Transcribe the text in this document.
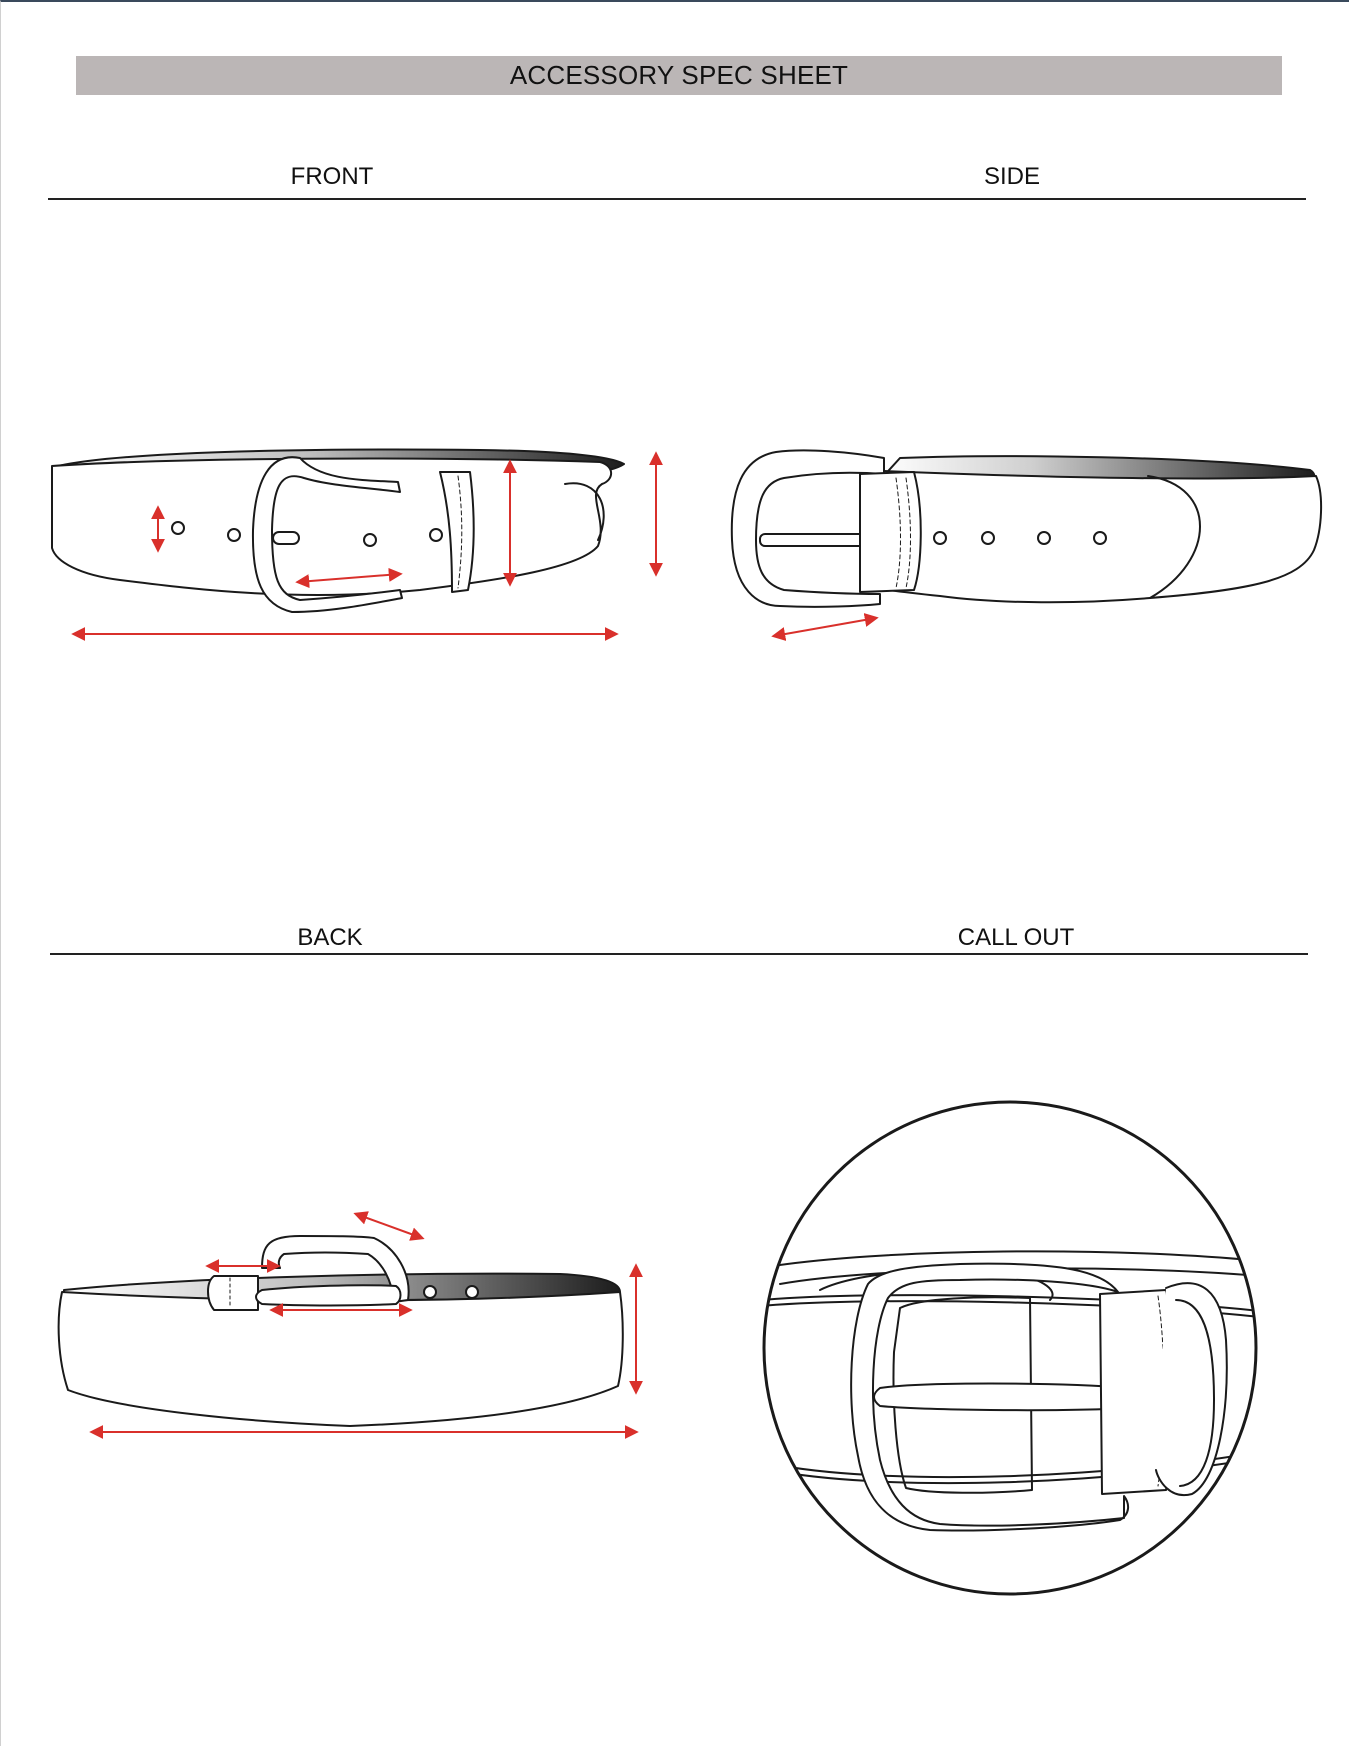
ACCESSORY SPEC SHEET
FRONT	SIDE
BACK	CALL OUT
